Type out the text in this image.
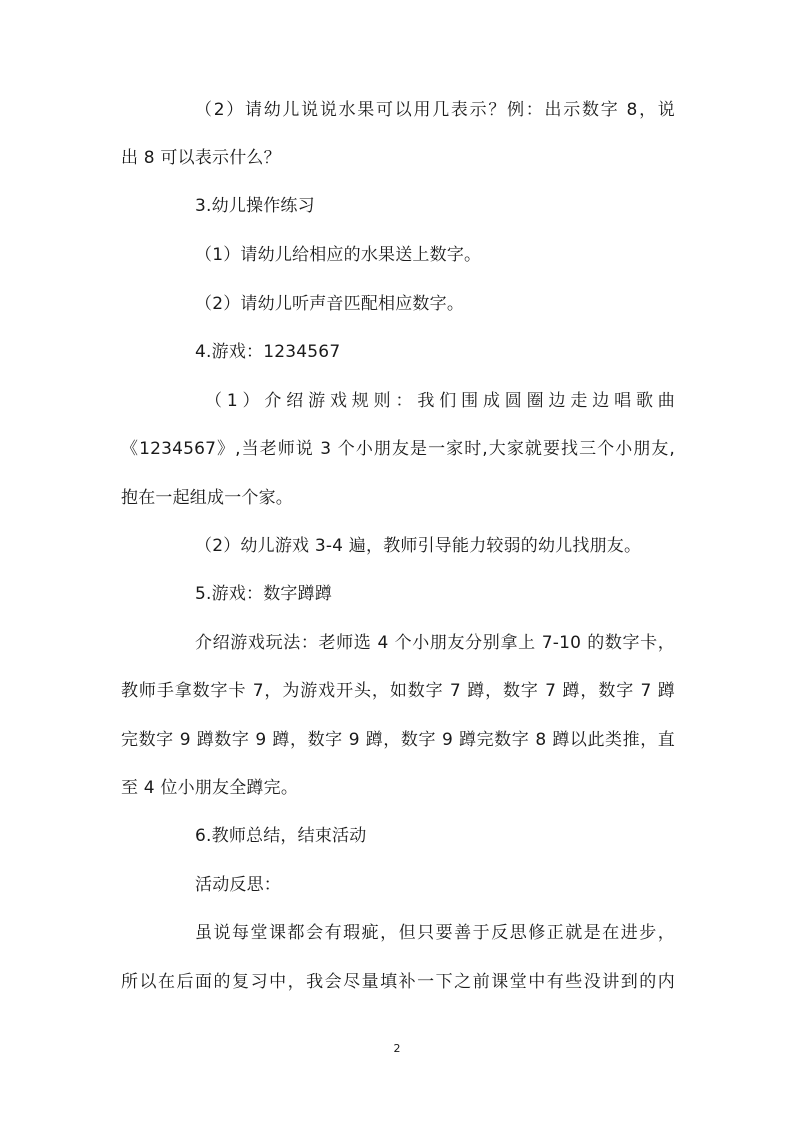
（2）请幼儿说说水果可以用几表示？例：出示数字 8，说
出 8 可以表示什么？
3.幼儿操作练习
（1）请幼儿给相应的水果送上数字。
（2）请幼儿听声音匹配相应数字。
4.游戏：1234567
（1）介绍游戏规则：我们围成圆圈边走边唱歌曲
《1234567》,当老师说 3 个小朋友是一家时,大家就要找三个小朋友,
抱在一起组成一个家。
（2）幼儿游戏 3-4 遍，教师引导能力较弱的幼儿找朋友。
5.游戏：数字蹲蹲
介绍游戏玩法：老师选 4 个小朋友分别拿上 7-10 的数字卡，
教师手拿数字卡 7，为游戏开头，如数字 7 蹲，数字 7 蹲，数字 7 蹲
完数字 9 蹲数字 9 蹲，数字 9 蹲，数字 9 蹲完数字 8 蹲以此类推，直
至 4 位小朋友全蹲完。
6.教师总结，结束活动
活动反思：
虽说每堂课都会有瑕疵，但只要善于反思修正就是在进步，
所以在后面的复习中，我会尽量填补一下之前课堂中有些没讲到的内
2
